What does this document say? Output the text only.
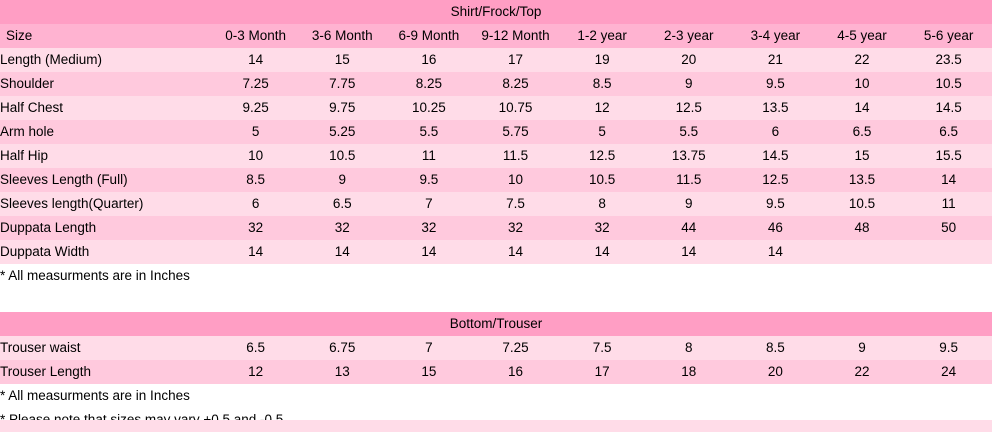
Shirt/Frock/Top									
Size	0-3 Month	3-6 Month	6-9 Month	9-12 Month	1-2 year	2-3 year	3-4 year	4-5 year	5-6 year
Length (Medium)	14	15	16	17	19	20	21	22	23.5
Shoulder	7.25	7.75	8.25	8.25	8.5	9	9.5	10	10.5
Half Chest	9.25	9.75	10.25	10.75	12	12.5	13.5	14	14.5
Arm hole	5	5.25	5.5	5.75	5	5.5	6	6.5	6.5
Half Hip	10	10.5	11	11.5	12.5	13.75	14.5	15	15.5
Sleeves Length (Full)	8.5	9	9.5	10	10.5	11.5	12.5	13.5	14
Sleeves length(Quarter)	6	6.5	7	7.5	8	9	9.5	10.5	11
Duppata Length	32	32	32	32	32	44	46	48	50
Duppata Width	14	14	14	14	14	14	14		
* All measurments are in Inches									

Bottom/Trouser									
Trouser waist	6.5	6.75	7	7.25	7.5	8	8.5	9	9.5
Trouser Length	12	13	15	16	17	18	20	22	24
* All measurments are in Inches									
